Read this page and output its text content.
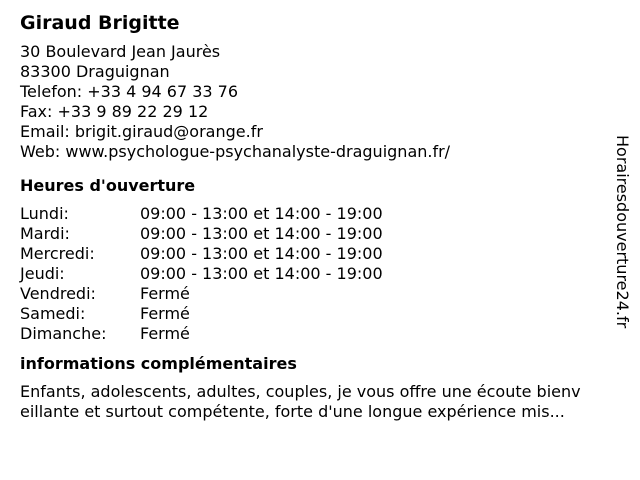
Giraud Brigitte
30 Boulevard Jean Jaurès
83300 Draguignan
Telefon: +33 4 94 67 33 76
Fax: +33 9 89 22 29 12
Email: brigit.giraud@orange.fr
Web: www.psychologue-psychanalyste-draguignan.fr/
Heures d'ouverture
Lundi:	09:00 - 13:00 et 14:00 - 19:00
Mardi:	09:00 - 13:00 et 14:00 - 19:00
Mercredi:	09:00 - 13:00 et 14:00 - 19:00
Jeudi:	09:00 - 13:00 et 14:00 - 19:00
Vendredi:	Fermé
Samedi:	Fermé
Dimanche: Fermé
informations complémentaires
Enfants, adolescents, adultes, couples, je vous offre une écoute bienv eillante et surtout compétente, forte d'une longue expérience mis...
Horairesdouverture24.fr
